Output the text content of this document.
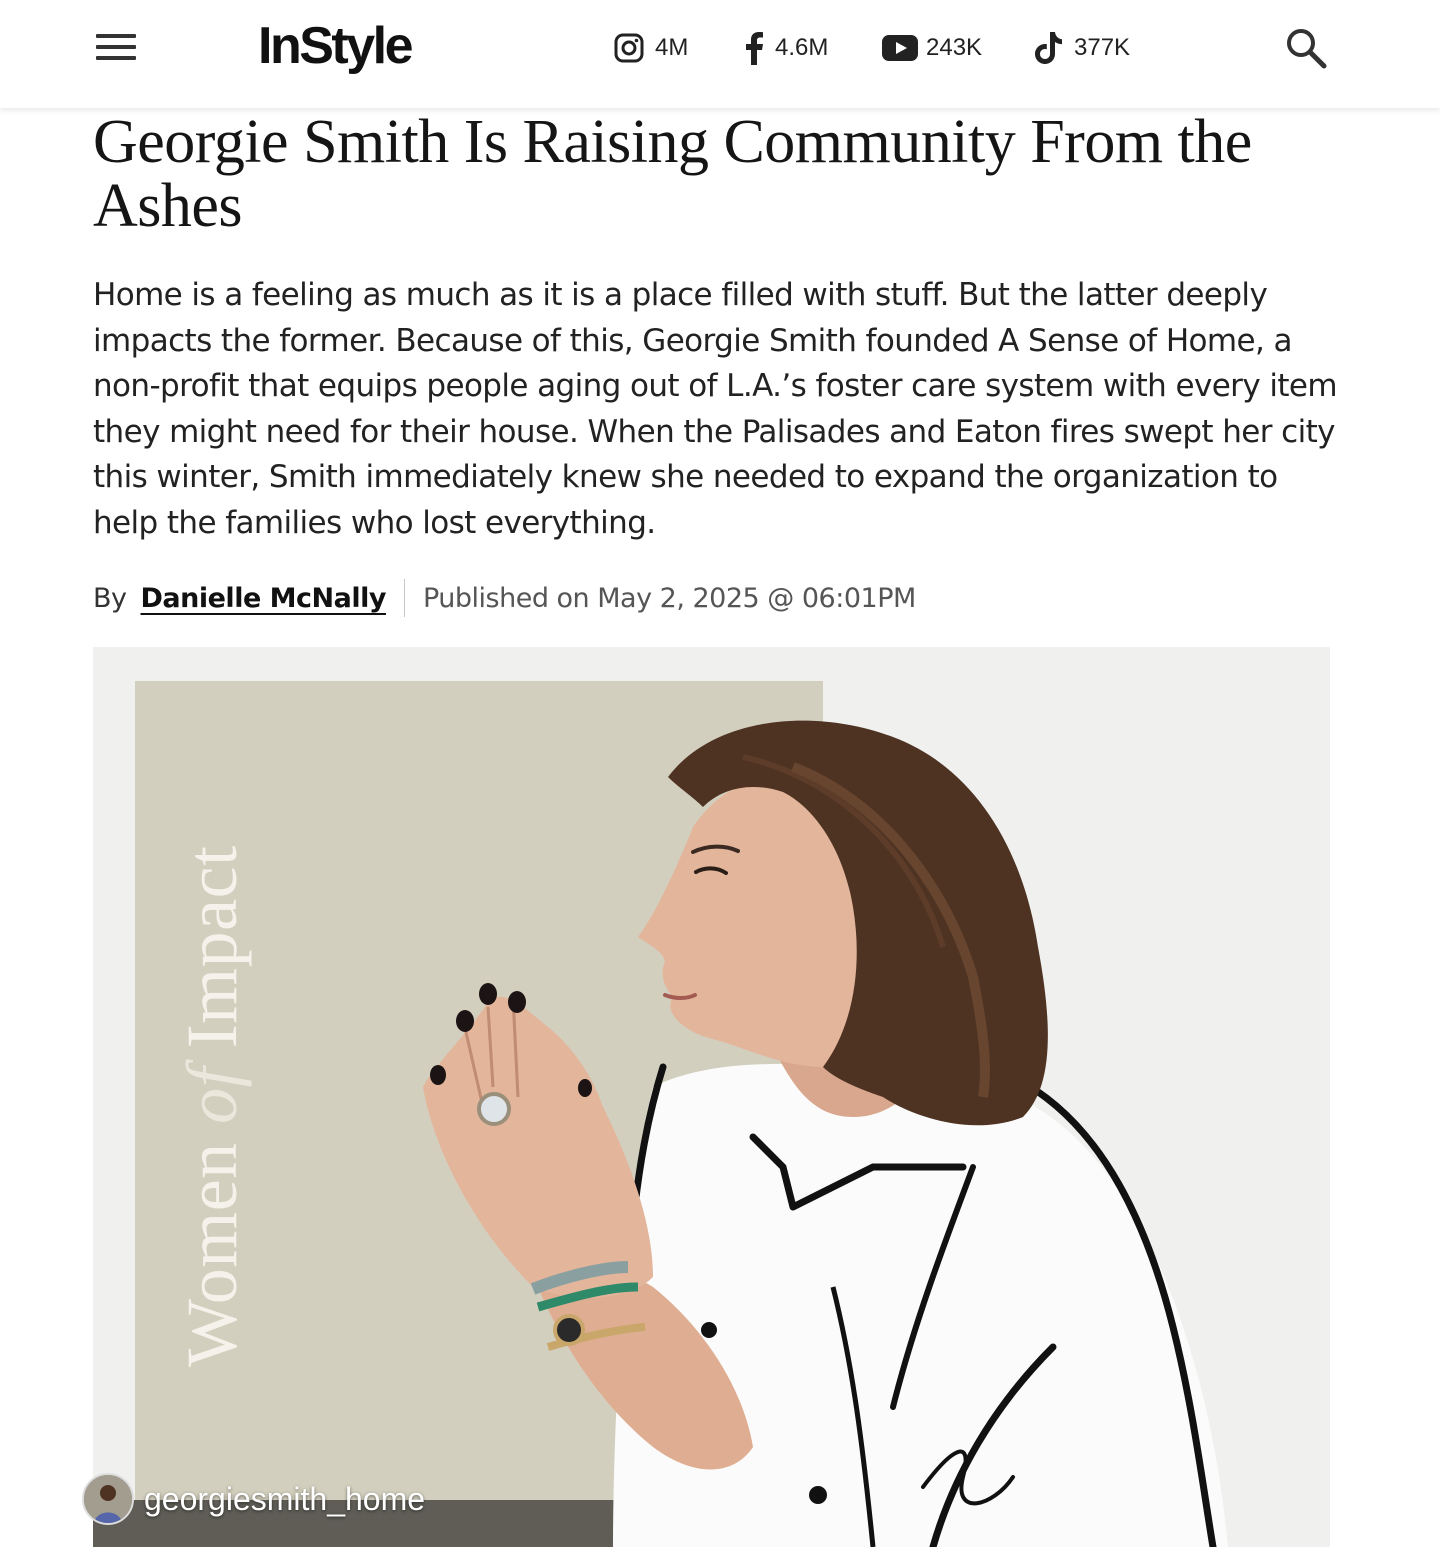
InStyle	4M	4.6M	243K	377K
Georgie Smith Is Raising Community From the Ashes

Home is a feeling as much as it is a place filled with stuff. But the latter deeply impacts the former. Because of this, Georgie Smith founded A Sense of Home, a non-profit that equips people aging out of L.A.’s foster care system with every item they might need for their house. When the Palisades and Eaton fires swept her city this winter, Smith immediately knew she needed to expand the organization to help the families who lost everything.

By Danielle McNally Published on May 2, 2025 @ 06:01PM
Women of Impact
georgiesmith_home
